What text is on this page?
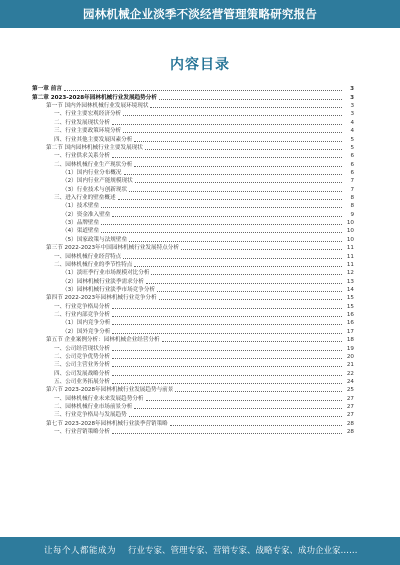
园林机械企业淡季不淡经营管理策略研究报告
内容目录
第一章 前言	3
第二章 2023-2028年园林机械行业发展趋势分析	3
第一节 国内外园林机械行业发展环境现状	3
一、行业主要宏观经济分析	3
二、行业发展现状分析	4
三、行业主要政策环境分析	4
四、行业其他主要发展因素分析	5
第二节 国内园林机械行业主要发展现状	5
一、行业供求关系分析	6
二、园林机械行业生产现状分析	6
（1）国内行业分布概况	6
（2）国内行业产能规模现状	7
（3）行业技术与创新现状	7
三、进入行业的壁垒概述	8
（1）技术壁垒	8
（2）资金准入壁垒	9
（3）品牌壁垒	10
（4）渠道壁垒	10
（5）国家政策与法规壁垒	10
第三节 2022-2023年中国园林机械行业发展特点分析	11
一、园林机械行业经营特点	11
二、园林机械行业的季节性特点	11
（1）淡旺季行业市场规模对比分析	12
（2）园林机械行业淡季需求分析	13
（3）园林机械行业淡季市场竞争分析	14
第四节 2022-2023年园林机械行业竞争分析	15
一、行业竞争格局分析	15
二、行业内部竞争分析	16
（1）国内竞争分析	16
（2）国外竞争分析	17
第五节 企业案例分析：园林机械企业经营分析	18
一、公司经营现状分析	19
二、公司竞争优势分析	20
三、公司主营业务分析	21
四、公司发展战略分析	22
五、公司业务拓展分析	24
第六节 2023-2028年园林机械行业发展趋势与前景	25
一、园林机械行业未来发展趋势分析	27
二、园林机械行业市场前景分析	27
三、行业竞争格局与发展趋势	27
第七节 2023-2028年园林机械行业淡季营销策略	28
一、行业营销策略分析	28
让每个人都能成为 行业专家、管理专家、营销专家、战略专家、成功企业家……
